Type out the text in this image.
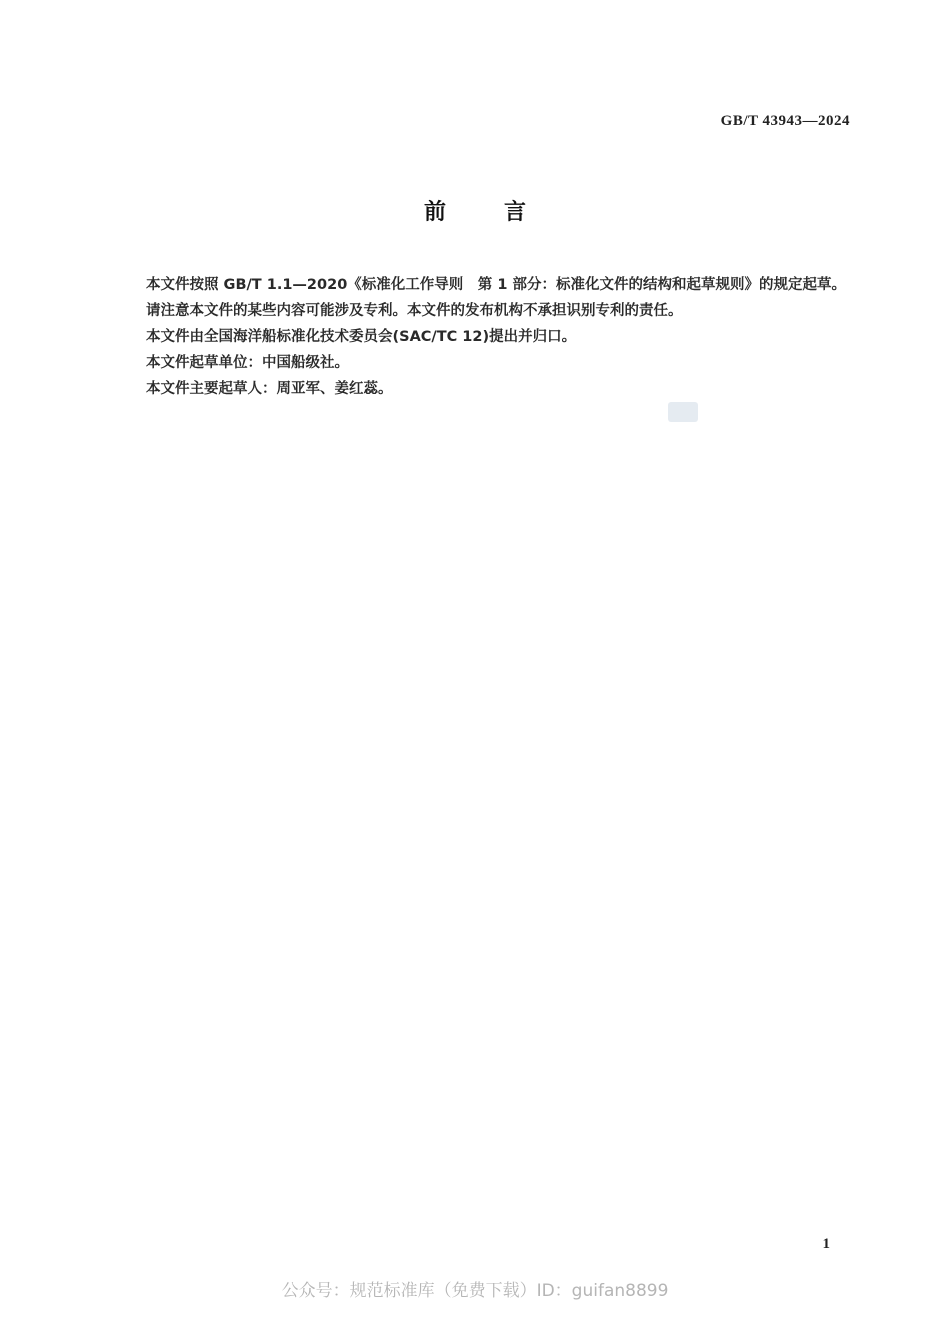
GB/T 43943—2024
前言

本文件按照 GB/T 1.1—2020《标准化工作导则　第 1 部分：标准化文件的结构和起草规则》的规定起草。

请注意本文件的某些内容可能涉及专利。本文件的发布机构不承担识别专利的责任。

本文件由全国海洋船标准化技术委员会(SAC/TC 12)提出并归口。

本文件起草单位：中国船级社。

本文件主要起草人：周亚军、姜红蕊。

1
公众号：规范标准库（免费下载）ID：guifan8899
